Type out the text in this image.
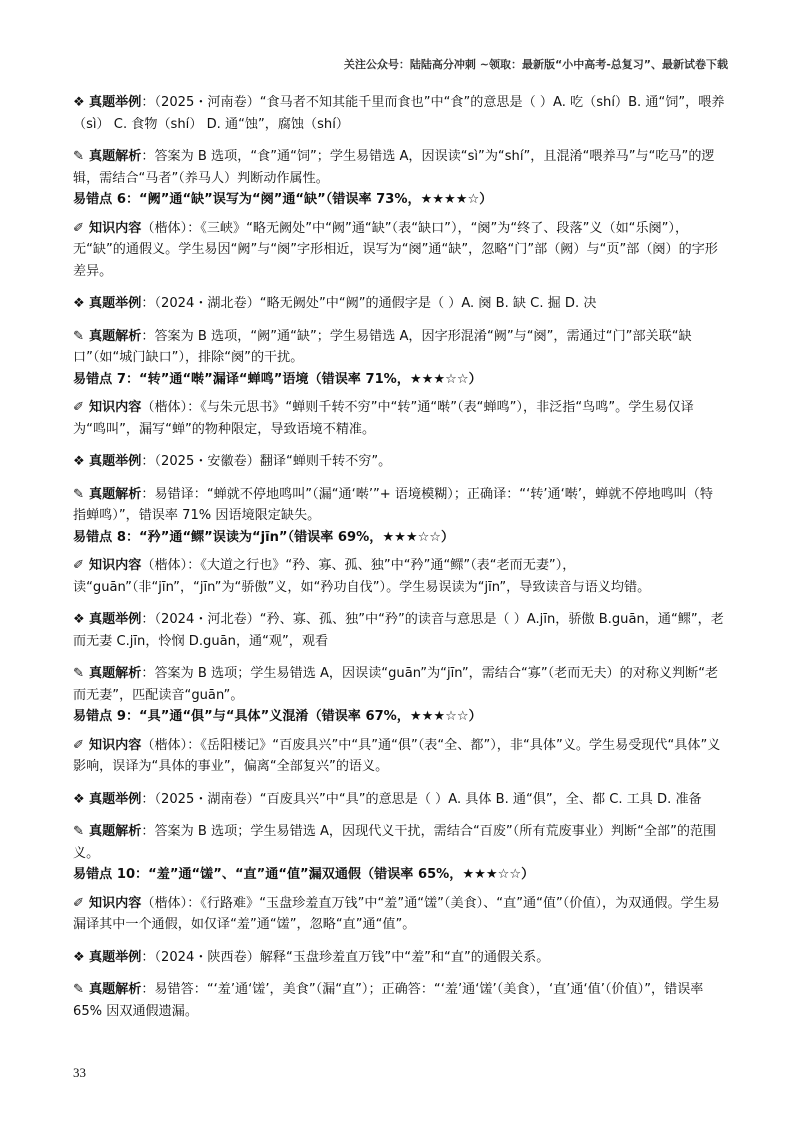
关注公众号：陆陆高分冲刺 ~领取：最新版“小中高考-总复习”、最新试卷下载

❖ 真题举例：（2025・河南卷）“食马者不知其能千里而食也”中“食”的意思是（ ）A. 吃（shí）B. 通“饲”，喂养（sì） C. 食物（shí） D. 通“蚀”，腐蚀（shí）

✎ 真题解析：答案为 B 选项，“食”通“饲”；学生易错选 A，因误读“sì”为“shí”，且混淆“喂养马”与“吃马”的逻辑，需结合“马者”（养马人）判断动作属性。

易错点 6：“阙”通“缺”误写为“阕”通“缺”（错误率 73%，★★★★☆）

✐ 知识内容（楷体）：《三峡》“略无阙处”中“阙”通“缺”（表“缺口”），“阕”为“终了、段落”义（如“乐阕”），无“缺”的通假义。学生易因“阙”与“阕”字形相近，误写为“阕”通“缺”，忽略“门”部（阙）与“页”部（阕）的字形差异。

❖ 真题举例：（2024・湖北卷）“略无阙处”中“阙”的通假字是（ ）A. 阕 B. 缺 C. 掘 D. 决

✎ 真题解析：答案为 B 选项，“阙”通“缺”；学生易错选 A，因字形混淆“阙”与“阕”，需通过“门”部关联“缺口”（如“城门缺口”），排除“阕”的干扰。

易错点 7：“转”通“啭”漏译“蝉鸣”语境（错误率 71%，★★★☆☆）

✐ 知识内容（楷体）：《与朱元思书》“蝉则千转不穷”中“转”通“啭”（表“蝉鸣”），非泛指“鸟鸣”。学生易仅译为“鸣叫”，漏写“蝉”的物种限定，导致语境不精准。

❖ 真题举例：（2025・安徽卷）翻译“蝉则千转不穷”。

✎ 真题解析：易错译：“蝉就不停地鸣叫”（漏“通‘啭’”+ 语境模糊）；正确译：“‘转’通‘啭’，蝉就不停地鸣叫（特指蝉鸣）”，错误率 71% 因语境限定缺失。

易错点 8：“矜”通“鳏”误读为“jīn”（错误率 69%，★★★☆☆）

✐ 知识内容（楷体）：《大道之行也》“矜、寡、孤、独”中“矜”通“鳏”（表“老而无妻”），读“guān”（非“jīn”，“jīn”为“骄傲”义，如“矜功自伐”）。学生易误读为“jīn”，导致读音与语义均错。

❖ 真题举例：（2024・河北卷）“矜、寡、孤、独”中“矜”的读音与意思是（ ）A.jīn，骄傲 B.guān，通“鳏”，老而无妻 C.jīn，怜悯 D.guān，通“观”，观看

✎ 真题解析：答案为 B 选项；学生易错选 A，因误读“guān”为“jīn”，需结合“寡”（老而无夫）的对称义判断“老而无妻”，匹配读音“guān”。

易错点 9：“具”通“俱”与“具体”义混淆（错误率 67%，★★★☆☆）

✐ 知识内容（楷体）：《岳阳楼记》“百废具兴”中“具”通“俱”（表“全、都”），非“具体”义。学生易受现代“具体”义影响，误译为“具体的事业”，偏离“全部复兴”的语义。

❖ 真题举例：（2025・湖南卷）“百废具兴”中“具”的意思是（ ）A. 具体 B. 通“俱”，全、都 C. 工具 D. 准备

✎ 真题解析：答案为 B 选项；学生易错选 A，因现代义干扰，需结合“百废”（所有荒废事业）判断“全部”的范围义。

易错点 10：“羞”通“馐”、“直”通“值”漏双通假（错误率 65%，★★★☆☆）

✐ 知识内容（楷体）：《行路难》“玉盘珍羞直万钱”中“羞”通“馐”（美食）、“直”通“值”（价值），为双通假。学生易漏译其中一个通假，如仅译“羞”通“馐”，忽略“直”通“值”。

❖ 真题举例：（2024・陕西卷）解释“玉盘珍羞直万钱”中“羞”和“直”的通假关系。

✎ 真题解析：易错答：“‘羞’通‘馐’，美食”（漏“直”）；正确答：“‘羞’通‘馐’（美食），‘直’通‘值’（价值）”，错误率 65% 因双通假遗漏。

33
